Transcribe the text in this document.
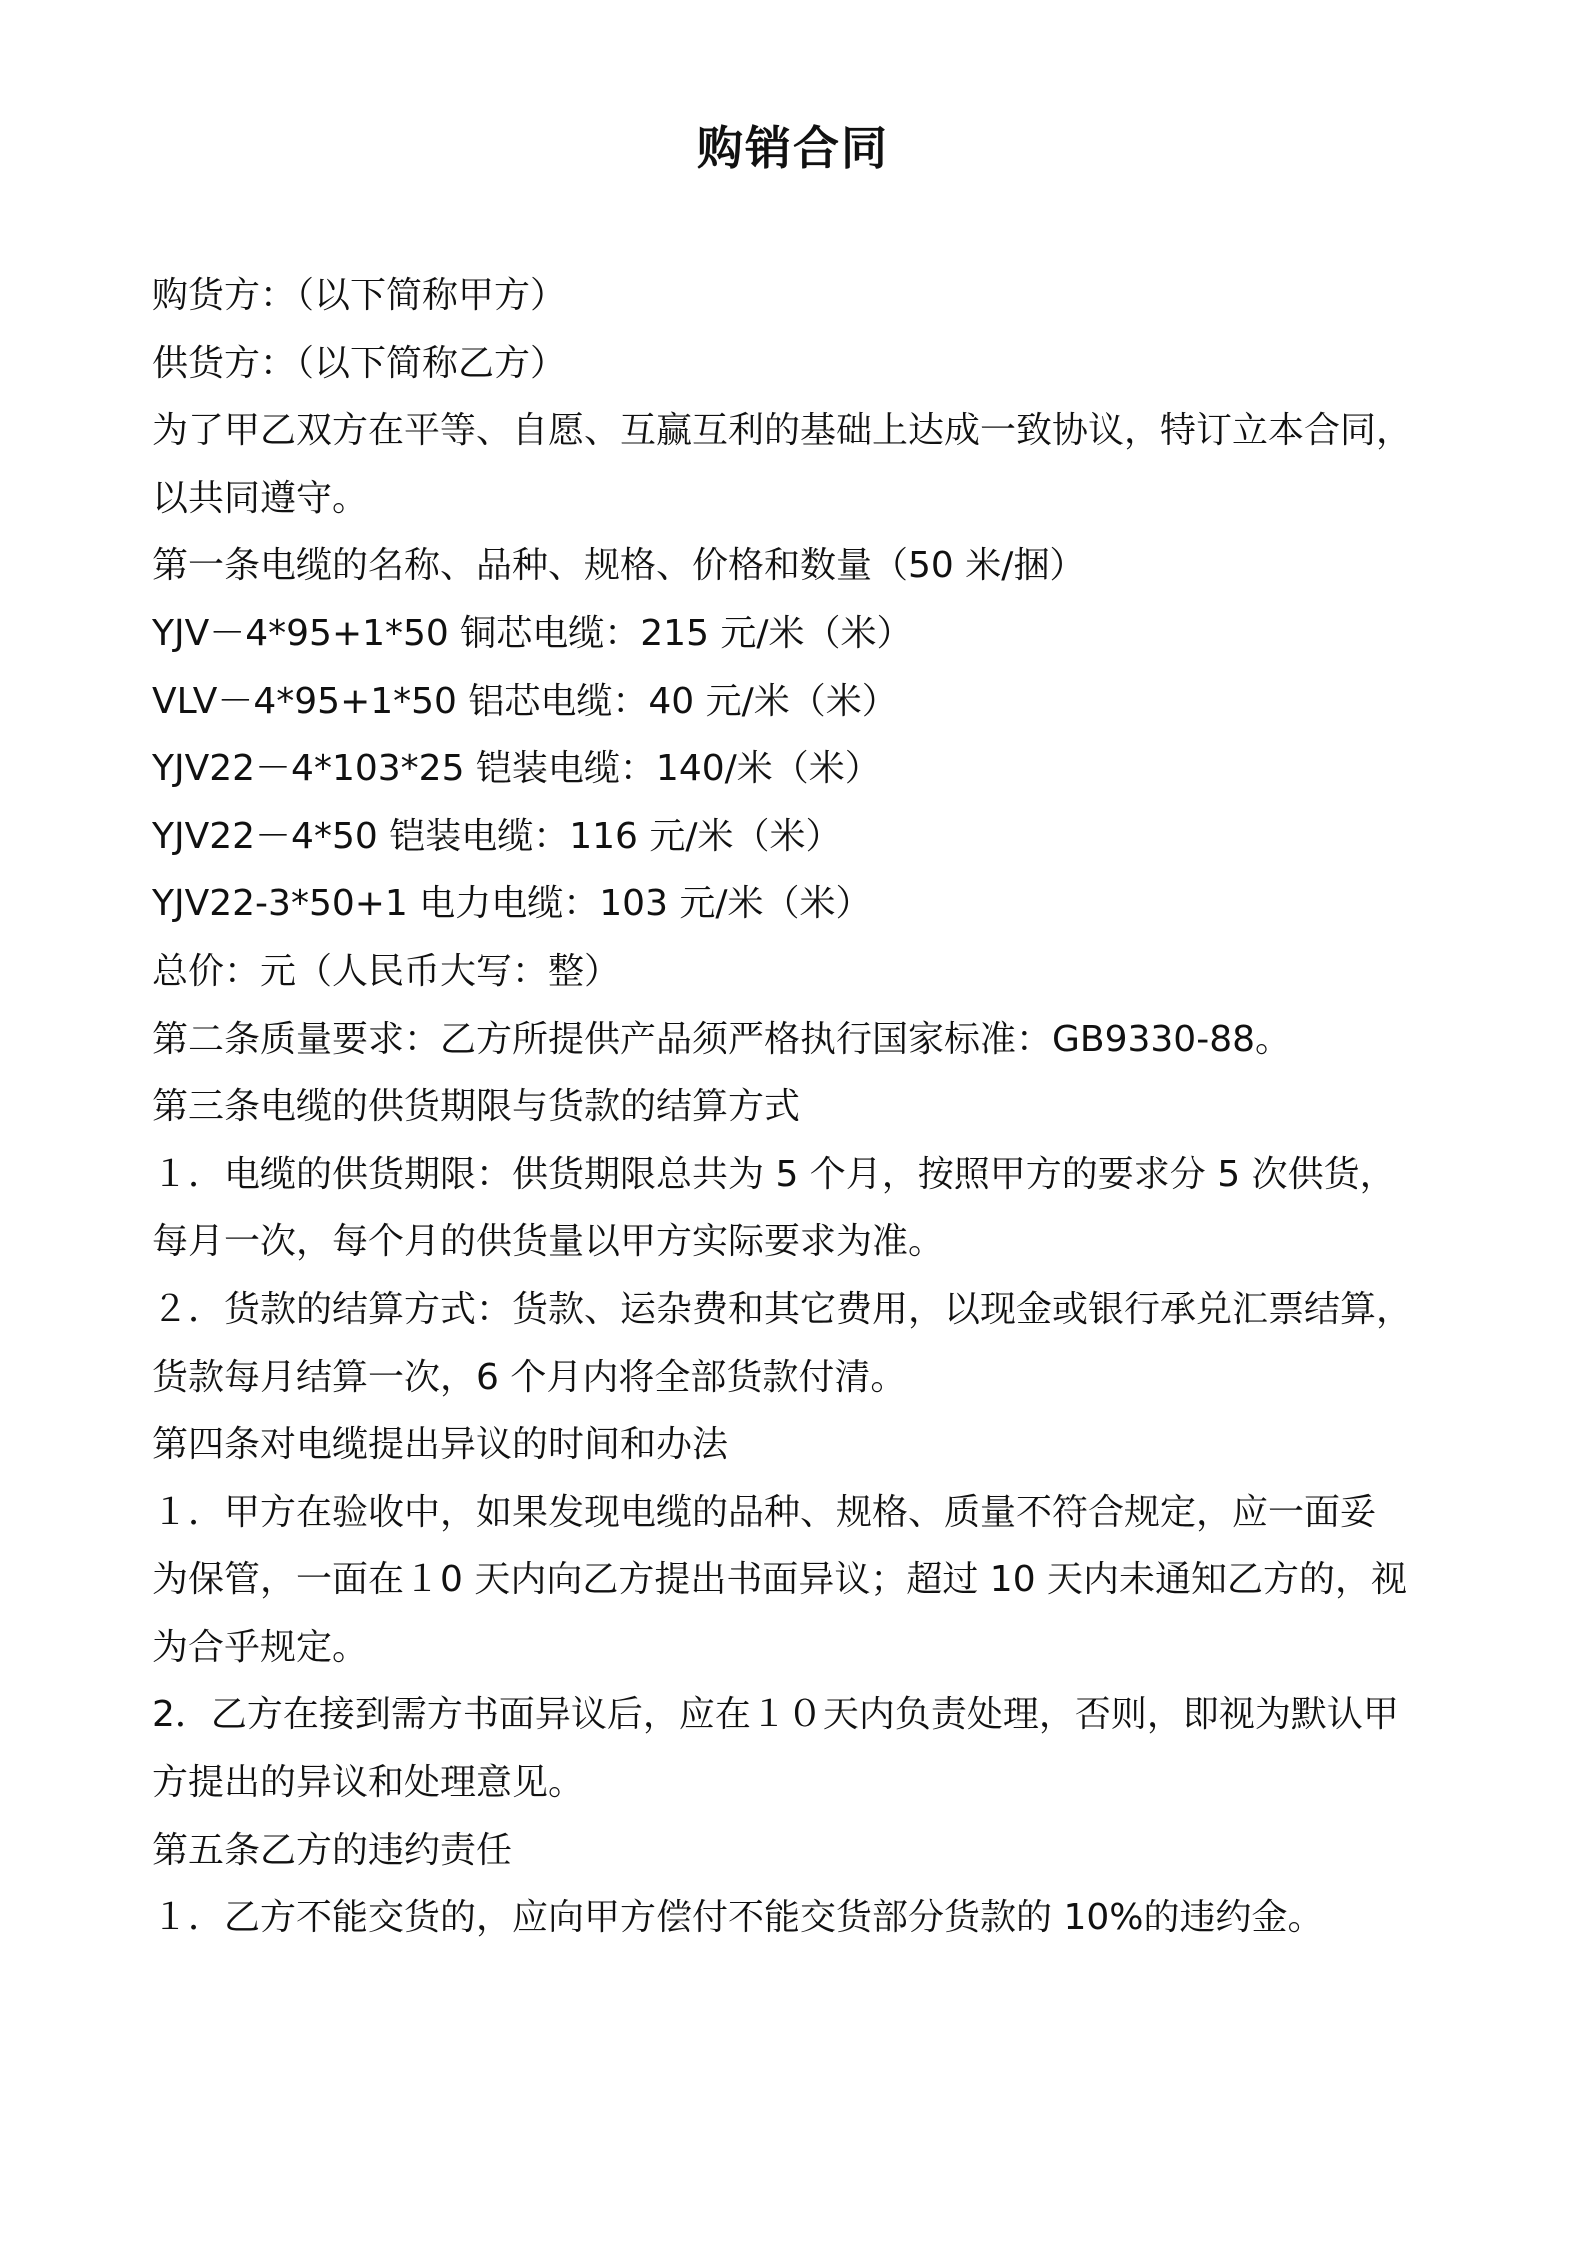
购销合同
购货方：（以下简称甲方）
供货方：（以下简称乙方）
为了甲乙双方在平等、自愿、互赢互利的基础上达成一致协议，特订立本合同，
以共同遵守。
第一条电缆的名称、品种、规格、价格和数量（50 米/捆）
YJV－4*95+1*50 铜芯电缆：215 元/米（米）
VLV－4*95+1*50 铝芯电缆：40 元/米（米）
YJV22－4*103*25 铠装电缆：140/米（米）
YJV22－4*50 铠装电缆：116 元/米（米）
YJV22-3*50+1 电力电缆：103 元/米（米）
总价：元（人民币大写：整）
第二条质量要求：乙方所提供产品须严格执行国家标准：GB9330-88。
第三条电缆的供货期限与货款的结算方式
１．电缆的供货期限：供货期限总共为 5 个月，按照甲方的要求分 5 次供货，
每月一次，每个月的供货量以甲方实际要求为准。
２．货款的结算方式：货款、运杂费和其它费用，以现金或银行承兑汇票结算，
货款每月结算一次，6 个月内将全部货款付清。
第四条对电缆提出异议的时间和办法
１．甲方在验收中，如果发现电缆的品种、规格、质量不符合规定，应一面妥
为保管，一面在１0 天内向乙方提出书面异议；超过 10 天内未通知乙方的，视
为合乎规定。
2．乙方在接到需方书面异议后，应在１０天内负责处理，否则，即视为默认甲
方提出的异议和处理意见。
第五条乙方的违约责任
１．乙方不能交货的，应向甲方偿付不能交货部分货款的 10%的违约金。
